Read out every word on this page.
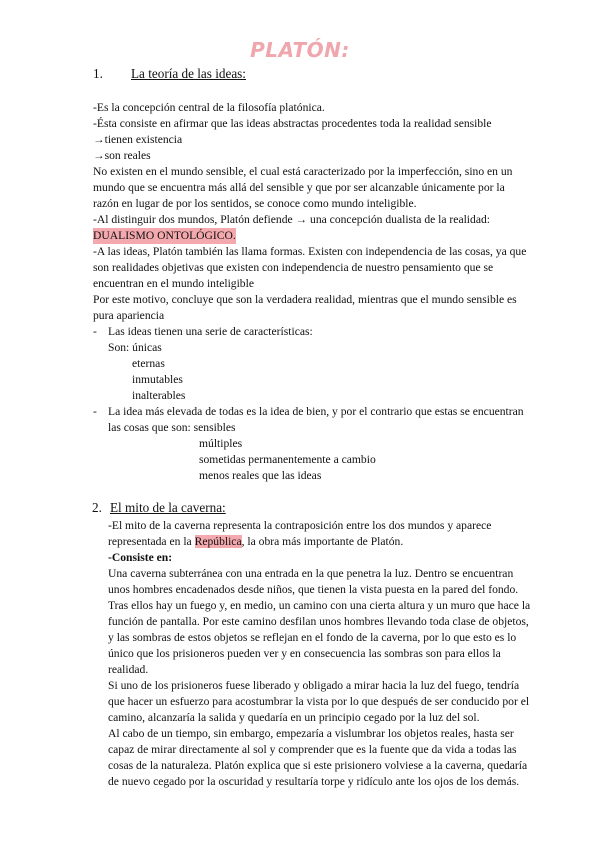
PLATÓN:
1. La teoría de las ideas:
-Es la concepción central de la filosofía platónica.
-Ésta consiste en afirmar que las ideas abstractas procedentes toda la realidad sensible
→tienen existencia
→son reales
No existen en el mundo sensible, el cual está caracterizado por la imperfección, sino en un
mundo que se encuentra más allá del sensible y que por ser alcanzable únicamente por la
razón en lugar de por los sentidos, se conoce como mundo inteligible.
-Al distinguir dos mundos, Platón defiende → una concepción dualista de la realidad:
DUALISMO ONTOLÓGICO.
-A las ideas, Platón también las llama formas. Existen con independencia de las cosas, ya que
son realidades objetivas que existen con independencia de nuestro pensamiento que se
encuentran en el mundo inteligible
Por este motivo, concluye que son la verdadera realidad, mientras que el mundo sensible es
pura apariencia
- Las ideas tienen una serie de características:
Son: únicas
eternas
inmutables
inalterables
- La idea más elevada de todas es la idea de bien, y por el contrario que estas se encuentran
las cosas que son: sensibles
múltiples
sometidas permanentemente a cambio
menos reales que las ideas
2. El mito de la caverna:
-El mito de la caverna representa la contraposición entre los dos mundos y aparece
representada en la República, la obra más importante de Platón.
-Consiste en:
Una caverna subterránea con una entrada en la que penetra la luz. Dentro se encuentran
unos hombres encadenados desde niños, que tienen la vista puesta en la pared del fondo.
Tras ellos hay un fuego y, en medio, un camino con una cierta altura y un muro que hace la
función de pantalla. Por este camino desfilan unos hombres llevando toda clase de objetos,
y las sombras de estos objetos se reflejan en el fondo de la caverna, por lo que esto es lo
único que los prisioneros pueden ver y en consecuencia las sombras son para ellos la
realidad.
Si uno de los prisioneros fuese liberado y obligado a mirar hacia la luz del fuego, tendría
que hacer un esfuerzo para acostumbrar la vista por lo que después de ser conducido por el
camino, alcanzaría la salida y quedaría en un principio cegado por la luz del sol.
Al cabo de un tiempo, sin embargo, empezaría a vislumbrar los objetos reales, hasta ser
capaz de mirar directamente al sol y comprender que es la fuente que da vida a todas las
cosas de la naturaleza. Platón explica que si este prisionero volviese a la caverna, quedaría
de nuevo cegado por la oscuridad y resultaría torpe y ridículo ante los ojos de los demás.
